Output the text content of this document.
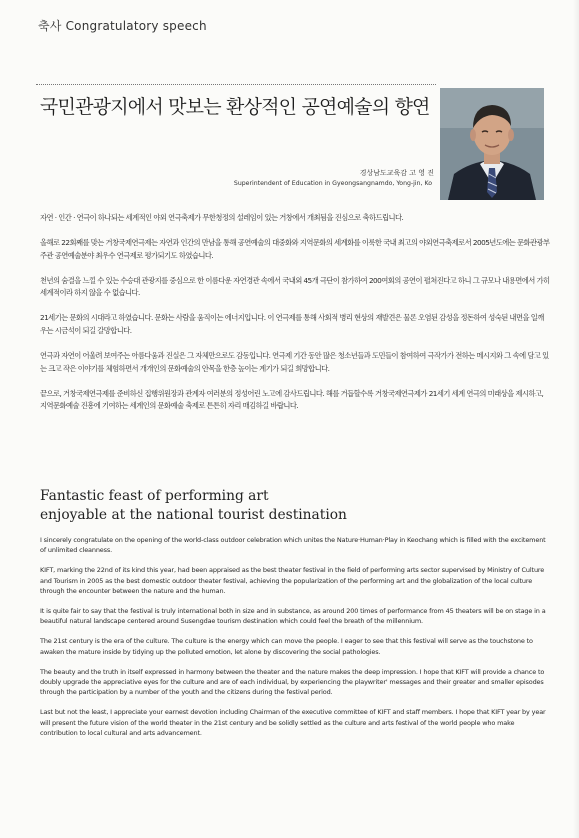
축사 Congratulatory speech
국민관광지에서 맛보는 환상적인 공연예술의 향연
경상남도교육감 고 영 진
Superintendent of Education in Gyeongsangnamdo, Yong-jin, Ko

자연 · 인간 · 연극이 하나되는 세계적인 야외 연극축제가 무한청정의 설레임이 있는 거창에서 개최됨을 진심으로 축하드립니다.

올해로 22회째를 맞는 거창국제연극제는 자연과 인간의 만남을 통해 공연예술의 대중화와 지역문화의 세계화를 이룩한 국내 최고의 야외연극축제로서 2005년도에는 문화관광부 주관 공연예술분야 최우수 연극제로 평가되기도 하였습니다.

천년의 숨결을 느낄 수 있는 수승대 관광지를 중심으로 한 이름다운 자연경관 속에서 국내외 45개 극단이 참가하여 200여회의 공연이 펼쳐진다고 하니 그 규모나 내용면에서 가히 세계적이라 하지 않을 수 없습니다.

21세기는 문화의 시대라고 하였습니다. 문화는 사람을 움직이는 에너지입니다. 이 연극제를 통해 사회적 병리 현상의 재발견은 물론 오염된 감성을 정돈하여 성숙된 내면을 일깨우는 시금석이 되길 갈망합니다.

연극과 자연이 어울려 보여주는 아름다움과 진실은 그 자체만으로도 감동입니다. 연극제 기간 동안 많은 청소년들과 도민들이 참여하여 극작가가 전하는 메시지와 그 속에 담고 있는 크고 작은 이야기를 체험하면서 개개인의 문화예술의 안목을 한층 높이는 계기가 되길 희망합니다.

끝으로, 거창국제연극제를 준비하신 집행위원장과 관계자 여러분의 정성어린 노고에 감사드립니다. 해를 거듭할수록 거창국제연극제가 21세기 세계 연극의 미래상을 제시하고, 지역문화예술 진흥에 기여하는 세계인의 문화예술 축제로 튼튼히 자리 매김하길 바랍니다.

Fantastic feast of performing art
enjoyable at the national tourist destination

I sincerely congratulate on the opening of the world-class outdoor celebration which unites the Nature·Human·Play in Keochang which is filled with the excitement of unlimited cleanness.

KIFT, marking the 22nd of its kind this year, had been appraised as the best theater festival in the field of performing arts sector supervised by Ministry of Culture and Tourism in 2005 as the best domestic outdoor theater festival, achieving the popularization of the performing art and the globalization of the local culture through the encounter between the nature and the human.

It is quite fair to say that the festival is truly international both in size and in substance, as around 200 times of performance from 45 theaters will be on stage in a beautiful natural landscape centered around Susengdae tourism destination which could feel the breath of the millennium.

The 21st century is the era of the culture. The culture is the energy which can move the people. I eager to see that this festival will serve as the touchstone to awaken the mature inside by tidying up the polluted emotion, let alone by discovering the social pathologies.

The beauty and the truth in itself expressed in harmony between the theater and the nature makes the deep impression. I hope that KIFT will provide a chance to doubly upgrade the appreciative eyes for the culture and are of each individual, by experiencing the playwriter' messages and their greater and smaller episodes through the participation by a number of the youth and the citizens during the festival period.

Last but not the least, I appreciate your earnest devotion including Chairman of the executive committee of KIFT and staff members. I hope that KIFT year by year will present the future vision of the world theater in the 21st century and be solidly settled as the culture and arts festival of the world people who make contribution to local cultural and arts advancement.
